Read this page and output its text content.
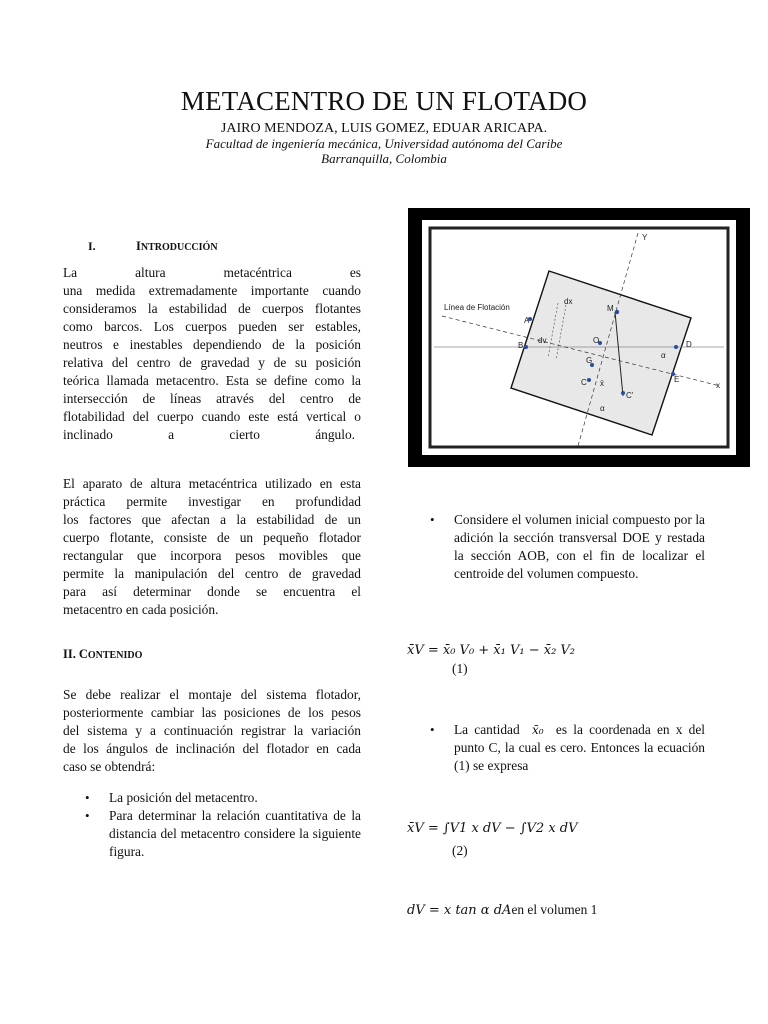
METACENTRO DE UN FLOTADO
JAIRO MENDOZA, LUIS GOMEZ, EDUAR ARICAPA.
Facultad de ingeniería mecánica, Universidad autónoma del Caribe
Barranquilla, Colombia
I.	INTRODUCCIÓN
La altura metacéntrica es
una medida extremadamente importante cuando
consideramos la estabilidad de cuerpos flotantes
como barcos. Los cuerpos pueden ser estables,
neutros e inestables dependiendo de la posición
relativa del centro de gravedad y de su posición
teórica llamada metacentro. Esta se define como la
intersección de líneas através del centro de
flotabilidad del cuerpo cuando este está vertical o
inclinado a cierto ángulo.
El aparato de altura metacéntrica utilizado en esta
práctica permite investigar en profundidad
los factores que afectan a la estabilidad de un
cuerpo flotante, consiste de un pequeño flotador
rectangular que incorpora pesos movibles que
permite la manipulación del centro de gravedad
para así determinar donde se encuentra el
metacentro en cada posición.
II. CONTENIDO
Se debe realizar el montaje del sistema flotador,
posteriormente cambiar las posiciones de los pesos
del sistema y a continuación registrar la variación
de los ángulos de inclinación del flotador en cada
caso se obtendrá:
• La posición del metacentro.
• Para determinar la relación cuantitativa de la distancia del metacentro considere la siguiente figura.
Línea de Flotación
Y
x
dx
dv
A
B
M
O
G
C
C'
D
E
x̄
α
α
• Considere el volumen inicial compuesto por la adición la sección transversal DOE y restada la sección AOB, con el fin de localizar el centroide del volumen compuesto.
x̄V = x̄₀ V₀ + x̄₁ V₁ − x̄₂ V₂
(1)
• La cantidad x̄₀ es la coordenada en x del punto C, la cual es cero. Entonces la ecuación (1) se expresa
x̄V = ∫V1 x dV − ∫V2 x dV
(2)
dV = x tan α dAen el volumen 1
